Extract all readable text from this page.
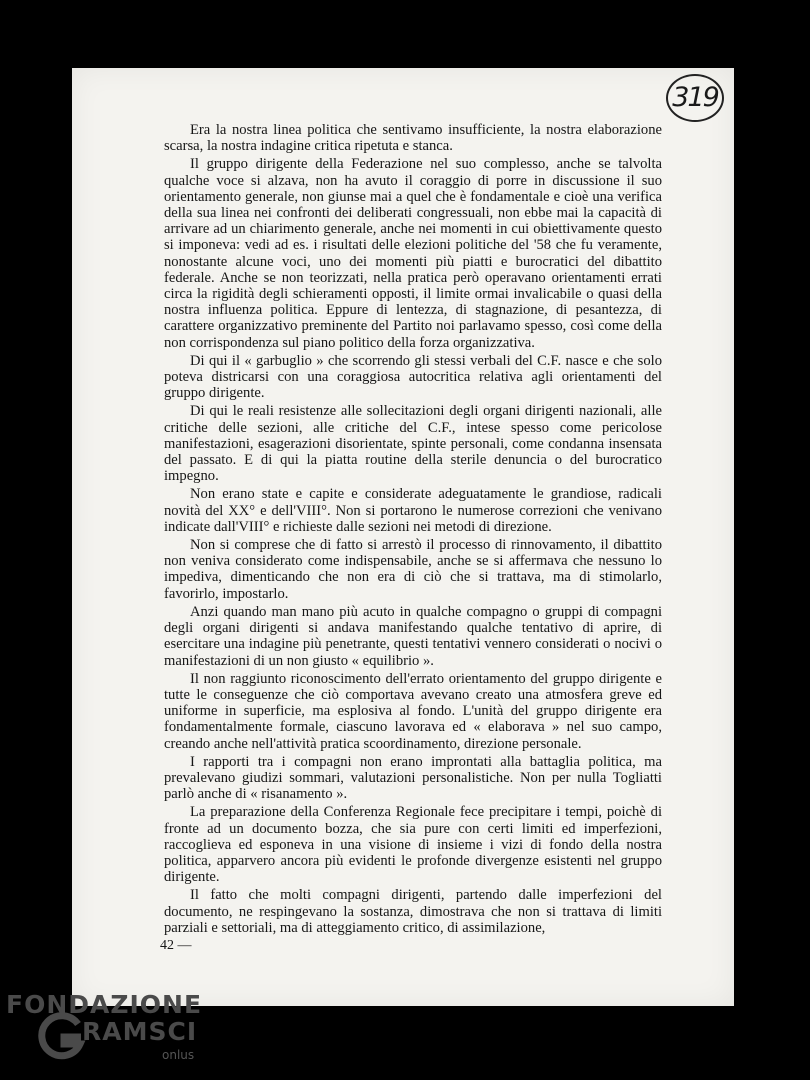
319

Era la nostra linea politica che sentivamo insufficiente, la nostra elaborazione scarsa, la nostra indagine critica ripetuta e stanca.

Il gruppo dirigente della Federazione nel suo complesso, anche se talvolta qualche voce si alzava, non ha avuto il coraggio di porre in discussione il suo orientamento generale, non giunse mai a quel che è fondamentale e cioè una verifica della sua linea nei confronti dei deliberati congressuali, non ebbe mai la capacità di arrivare ad un chiarimento generale, anche nei momenti in cui obiettivamente questo si imponeva: vedi ad es. i risultati delle elezioni politiche del '58 che fu veramente, nonostante alcune voci, uno dei momenti più piatti e burocratici del dibattito federale. Anche se non teorizzati, nella pratica però operavano orientamenti errati circa la rigidità degli schieramenti opposti, il limite ormai invalicabile o quasi della nostra influenza politica. Eppure di lentezza, di stagnazione, di pesantezza, di carattere organizzativo preminente del Partito noi parlavamo spesso, così come della non corrispondenza sul piano politico della forza organizzativa.

Di qui il « garbuglio » che scorrendo gli stessi verbali del C.F. nasce e che solo poteva districarsi con una coraggiosa autocritica relativa agli orientamenti del gruppo dirigente.

Di qui le reali resistenze alle sollecitazioni degli organi dirigenti nazionali, alle critiche delle sezioni, alle critiche del C.F., intese spesso come pericolose manifestazioni, esagerazioni disorientate, spinte personali, come condanna insensata del passato. E di qui la piatta routine della sterile denuncia o del burocratico impegno.

Non erano state e capite e considerate adeguatamente le grandiose, radicali novità del XX° e dell'VIII°. Non si portarono le numerose correzioni che venivano indicate dall'VIII° e richieste dalle sezioni nei metodi di direzione.

Non si comprese che di fatto si arrestò il processo di rinnovamento, il dibattito non veniva considerato come indispensabile, anche se si affermava che nessuno lo impediva, dimenticando che non era di ciò che si trattava, ma di stimolarlo, favorirlo, impostarlo.

Anzi quando man mano più acuto in qualche compagno o gruppi di compagni degli organi dirigenti si andava manifestando qualche tentativo di aprire, di esercitare una indagine più penetrante, questi tentativi vennero considerati o nocivi o manifestazioni di un non giusto « equilibrio ».

Il non raggiunto riconoscimento dell'errato orientamento del gruppo dirigente e tutte le conseguenze che ciò comportava avevano creato una atmosfera greve ed uniforme in superficie, ma esplosiva al fondo. L'unità del gruppo dirigente era fondamentalmente formale, ciascuno lavorava ed « elaborava » nel suo campo, creando anche nell'attività pratica scoordinamento, direzione personale.

I rapporti tra i compagni non erano improntati alla battaglia politica, ma prevalevano giudizi sommari, valutazioni personalistiche. Non per nulla Togliatti parlò anche di « risanamento ».

La preparazione della Conferenza Regionale fece precipitare i tempi, poichè di fronte ad un documento bozza, che sia pure con certi limiti ed imperfezioni, raccoglieva ed esponeva in una visione di insieme i vizi di fondo della nostra politica, apparvero ancora più evidenti le profonde divergenze esistenti nel gruppo dirigente.

Il fatto che molti compagni dirigenti, partendo dalle imperfezioni del documento, ne respingevano la sostanza, dimostrava che non si trattava di limiti parziali e settoriali, ma di atteggiamento critico, di assimilazione,

42 —
FONDAZIONE
RAMSCI
onlus
